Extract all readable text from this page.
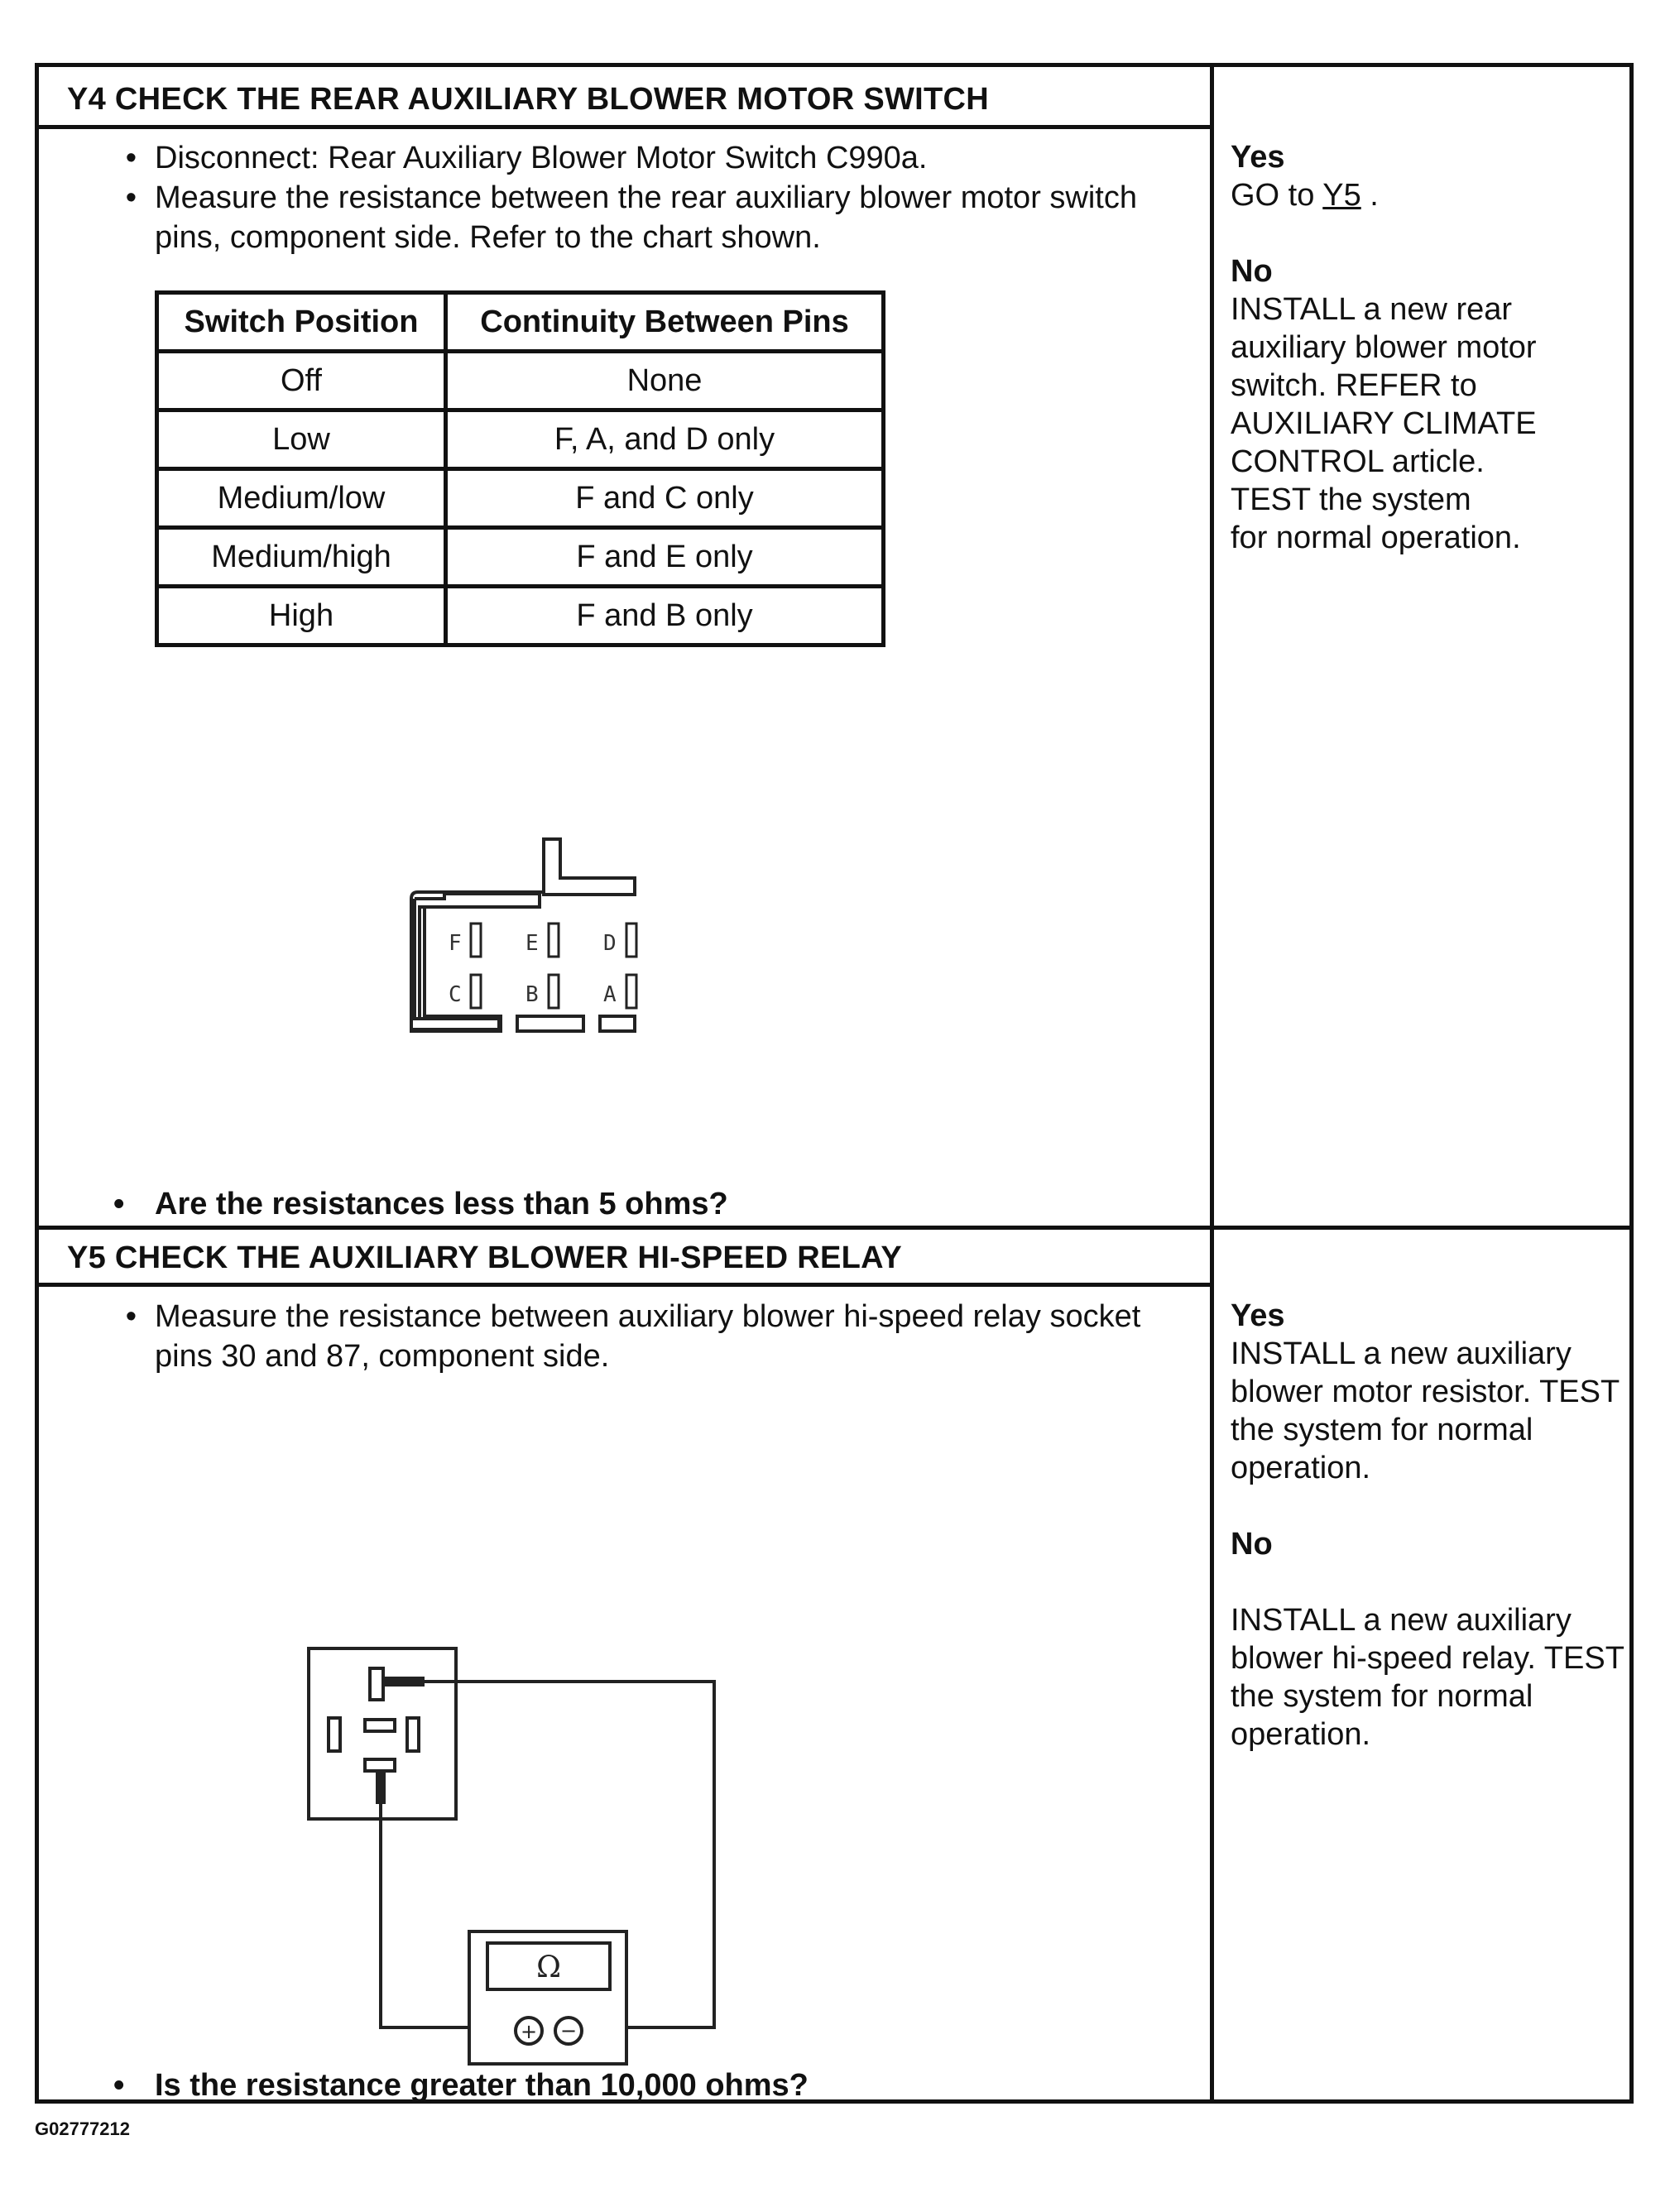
Y4 CHECK THE REAR AUXILIARY BLOWER MOTOR SWITCH
• Disconnect: Rear Auxiliary Blower Motor Switch C990a.
• Measure the resistance between the rear auxiliary blower motor switch pins, component side. Refer to the chart shown.
Switch Position	Continuity Between Pins
Off	None
Low	F, A, and D only
Medium/low	F and C only
Medium/high	F and E only
High	F and B only
F	E	D
C	B	A
• Are the resistances less than 5 ohms?
Yes
GO to Y5 .
No
INSTALL a new rear
auxiliary blower motor
switch. REFER to
AUXILIARY CLIMATE
CONTROL article.
TEST the system
for normal operation.
Y5 CHECK THE AUXILIARY BLOWER HI-SPEED RELAY
• Measure the resistance between auxiliary blower hi-speed relay socket pins 30 and 87, component side.
+ −
Ω
• Is the resistance greater than 10,000 ohms?
Yes
INSTALL a new auxiliary
blower motor resistor. TEST
the system for normal
operation.
No
INSTALL a new auxiliary
blower hi-speed relay. TEST
the system for normal
operation.
G02777212
